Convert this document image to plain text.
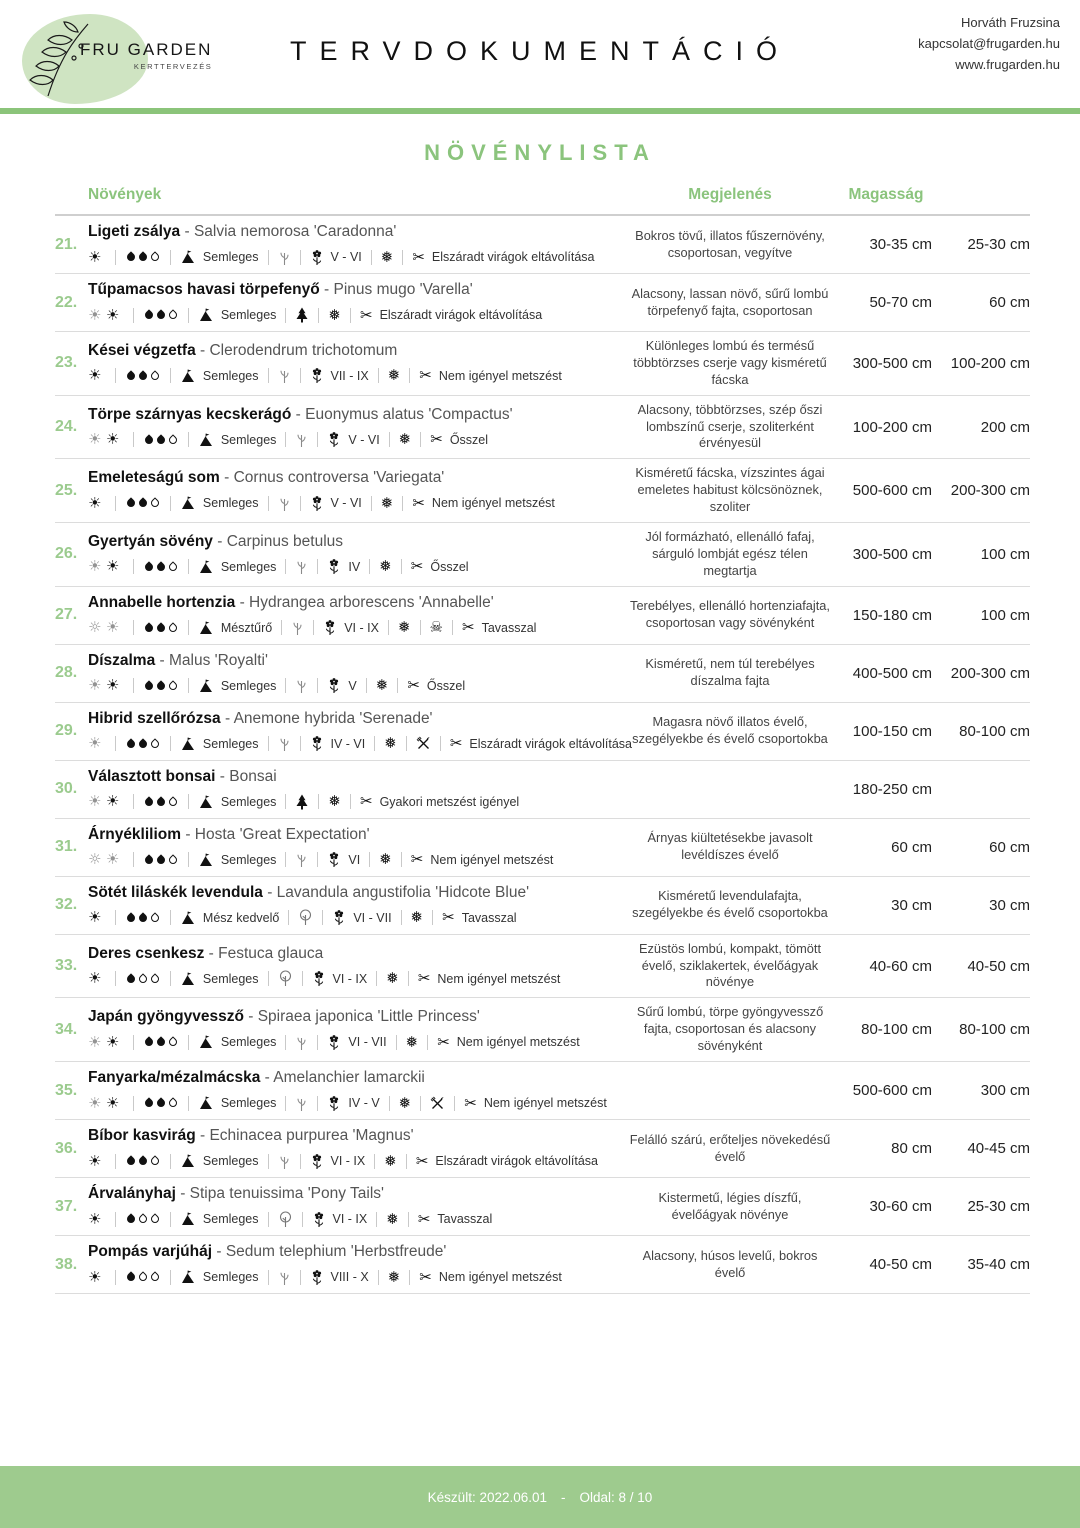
FRU GARDEN
KERTTERVEZÉS
TERVDOKUMENTÁCIÓ
Horváth Fruzsina
kapcsolat@frugarden.hu
www.frugarden.hu
NÖVÉNYLISTA
Növények	Megjelenés	Magasság
21.
Ligeti zsálya - Salvia nemorosa 'Caradonna'
☀
	Semleges	V - VI ❅ ✂ Elszáradt virágok eltávolítása
Bokros tövű, illatos fűszernövény, csoportosan, vegyítve	30-35 cm	25-30 cm
22.
Tűpamacsos havasi törpefenyő - Pinus mugo 'Varella'
☀
☀
	Semleges	❅ ✂ Elszáradt virágok eltávolítása
Alacsony, lassan növő, sűrű lombú törpefenyő fajta, csoportosan	50-70 cm	60 cm
23.
Kései végzetfa - Clerodendrum trichotomum
☀
	Semleges	VII - IX ❅ ✂ Nem igényel metszést
Különleges lombú és termésű többtörzses cserje vagy kisméretű fácska
300-500 cm	100-200 cm
24.
Törpe szárnyas kecskerágó - Euonymus alatus 'Compactus'
☀
☀
	Semleges	V - VI ❅ ✂ Ősszel
Alacsony, többtörzses, szép őszi lombszínű cserje, szoliterként érvényesül
100-200 cm	200 cm
25.
Emeleteságú som - Cornus controversa 'Variegata'
☀
	Semleges	V - VI ❅ ✂ Nem igényel metszést
Kisméretű fácska, vízszintes ágai emeletes habitust kölcsönöznek, szoliter
500-600 cm	200-300 cm
26.
Gyertyán sövény - Carpinus betulus
☀
☀
	Semleges	IV ❅ ✂ Ősszel
Jól formázható, ellenálló fafaj, sárguló lombját egész télen megtartja
300-500 cm	100 cm
27.
Annabelle hortenzia - Hydrangea arborescens 'Annabelle'
☼
☀
	Mésztűrő	VI - IX ❅ ☠ ✂ Tavasszal
Terebélyes, ellenálló hortenziafajta, csoportosan vagy sövényként	150-180 cm	100 cm
28.
Díszalma - Malus 'Royalti'
☀
☀
	Semleges	V ❅ ✂ Ősszel
Kisméretű, nem túl terebélyes díszalma fajta	400-500 cm	200-300 cm
29.
Hibrid szellőrózsa - Anemone hybrida 'Serenade'
☀
	Semleges	IV - VI ❅	✂ Elszáradt virágok eltávolítása
Magasra növő illatos évelő, szegélyekbe és évelő csoportokba	100-150 cm	80-100 cm
30.
Választott bonsai - Bonsai
☀
☀
	Semleges	❅ ✂ Gyakori metszést igényel
180-250 cm
31.
Árnyékliliom - Hosta 'Great Expectation'
☼
☀
	Semleges	VI ❅ ✂ Nem igényel metszést
Árnyas kiültetésekbe javasolt levéldíszes évelő	60 cm	60 cm
32.
Sötét liláskék levendula - Lavandula angustifolia 'Hidcote Blue'
☀
	Mész kedvelő	VI - VII ❅ ✂ Tavasszal
Kisméretű levendulafajta, szegélyekbe és évelő csoportokba	30 cm	30 cm
33.
Deres csenkesz - Festuca glauca
☀
	Semleges	VI - IX ❅ ✂ Nem igényel metszést
Ezüstös lombú, kompakt, tömött évelő, sziklakertek, évelőágyak növénye
40-60 cm	40-50 cm
34.
Japán gyöngyvessző - Spiraea japonica 'Little Princess'
☀
☀
	Semleges	VI - VII ❅ ✂ Nem igényel metszést
Sűrű lombú, törpe gyöngyvessző fajta, csoportosan és alacsony sövényként
80-100 cm	80-100 cm
35.
Fanyarka/mézalmácska - Amelanchier lamarckii
☀
☀
	Semleges	IV - V ❅	✂ Nem igényel metszést
500-600 cm	300 cm
36.
Bíbor kasvirág - Echinacea purpurea 'Magnus'
☀
	Semleges	VI - IX ❅ ✂ Elszáradt virágok eltávolítása
Felálló szárú, erőteljes növekedésű évelő	80 cm	40-45 cm
37.
Árvalányhaj - Stipa tenuissima 'Pony Tails'
☀
	Semleges	VI - IX ❅ ✂ Tavasszal
Kistermetű, légies díszfű, évelőágyak növénye	30-60 cm	25-30 cm
38.
Pompás varjúháj - Sedum telephium 'Herbstfreude'
☀
	Semleges	VIII - X ❅ ✂ Nem igényel metszést
Alacsony, húsos levelű, bokros évelő	40-50 cm	35-40 cm
Készült: 2022.06.01 - Oldal: 8 / 10
